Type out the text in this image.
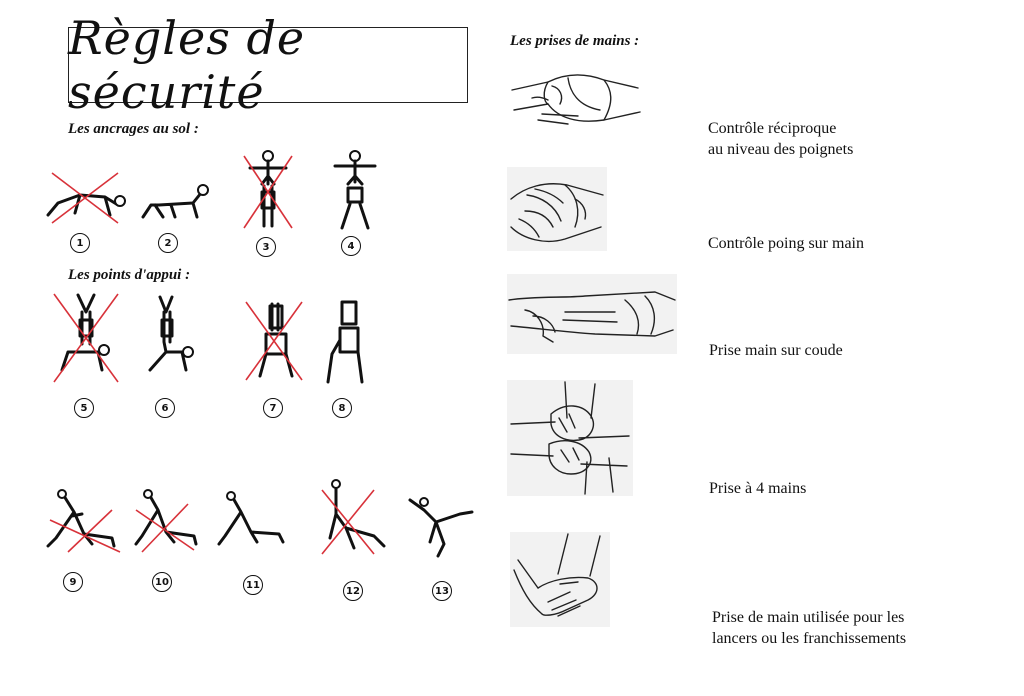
Règles de sécurité
Les ancrages au sol :
Les points d'appui :
Les prises de mains :
1	2	3	4
5	6	7	8
9	10	11
12	13
Contrôle réciproque
au niveau des poignets
Contrôle poing sur main
Prise main sur coude
Prise à 4 mains
Prise de main utilisée pour les
lancers ou les franchissements
